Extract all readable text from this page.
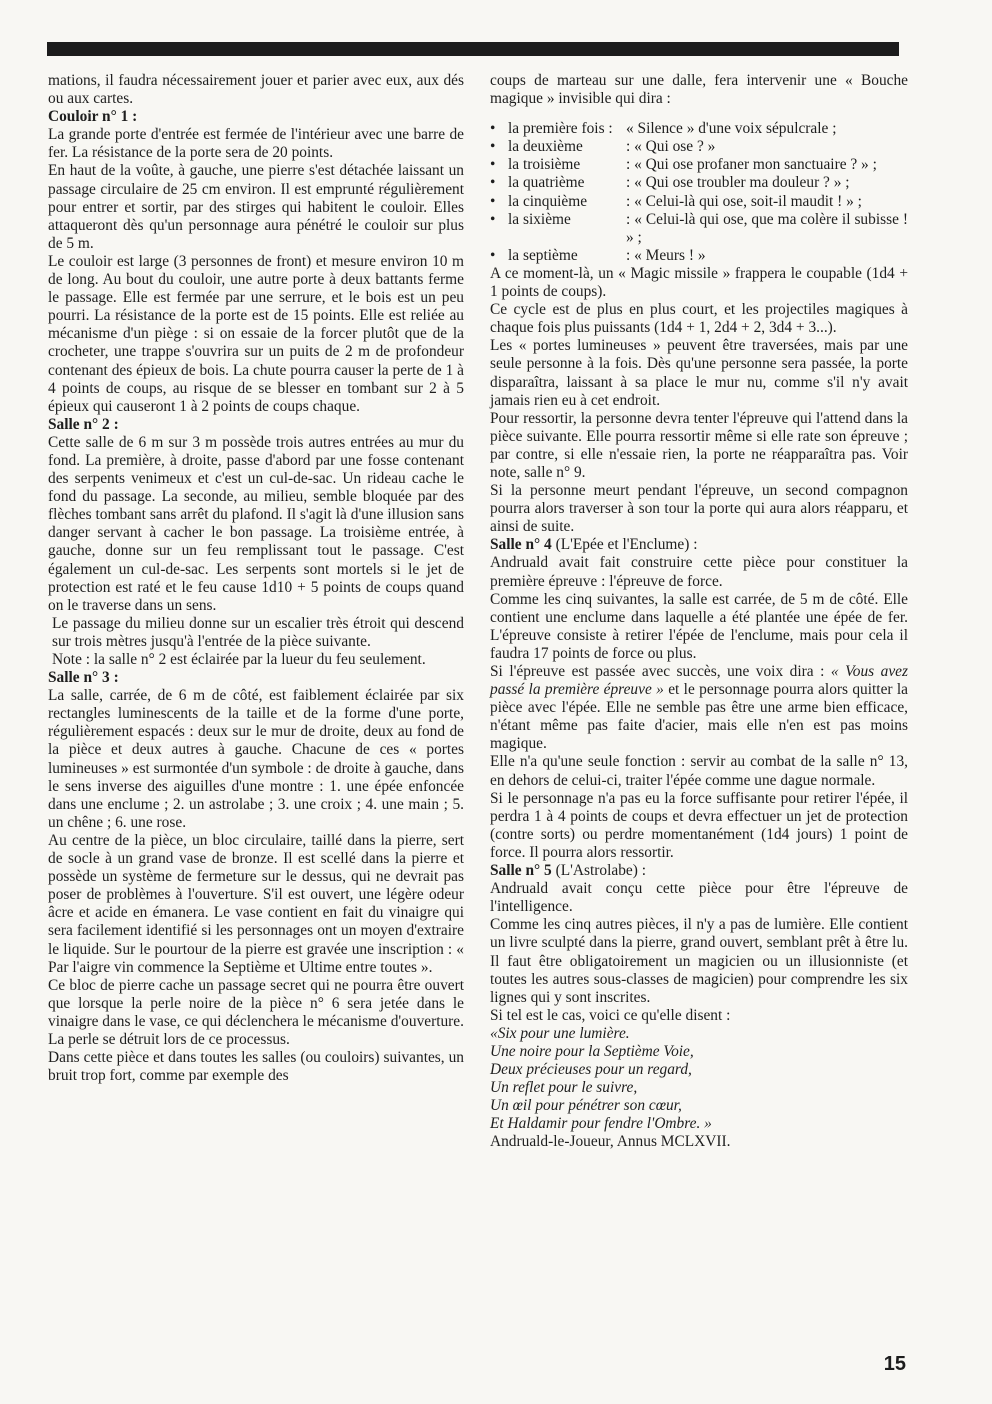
mations, il faudra nécessairement jouer et parier avec eux, aux dés ou aux cartes.

Couloir n° 1 :

La grande porte d'entrée est fermée de l'intérieur avec une barre de fer. La résistance de la porte sera de 20 points.

En haut de la voûte, à gauche, une pierre s'est détachée laissant un passage circulaire de 25 cm environ. Il est emprunté régulièrement pour entrer et sortir, par des stirges qui habitent le couloir. Elles attaqueront dès qu'un personnage aura pénétré le couloir sur plus de 5 m.

Le couloir est large (3 personnes de front) et mesure environ 10 m de long. Au bout du couloir, une autre porte à deux battants ferme le passage. Elle est fermée par une serrure, et le bois est un peu pourri. La résistance de la porte est de 15 points. Elle est reliée au mécanisme d'un piège : si on essaie de la forcer plutôt que de la crocheter, une trappe s'ouvrira sur un puits de 2 m de profondeur contenant des épieux de bois. La chute pourra causer la perte de 1 à 4 points de coups, au risque de se blesser en tombant sur 2 à 5 épieux qui causeront 1 à 2 points de coups chaque.

Salle n° 2 :

Cette salle de 6 m sur 3 m possède trois autres entrées au mur du fond. La première, à droite, passe d'abord par une fosse contenant des serpents venimeux et c'est un cul-de-sac. Un rideau cache le fond du passage. La seconde, au milieu, semble bloquée par des flèches tombant sans arrêt du plafond. Il s'agit là d'une illusion sans danger servant à cacher le bon passage. La troisième entrée, à gauche, donne sur un feu remplissant tout le passage. C'est également un cul-de-sac. Les serpents sont mortels si le jet de protection est raté et le feu cause 1d10 + 5 points de coups quand on le traverse dans un sens.

Le passage du milieu donne sur un escalier très étroit qui descend sur trois mètres jusqu'à l'entrée de la pièce suivante.

Note : la salle n° 2 est éclairée par la lueur du feu seulement.

Salle n° 3 :

La salle, carrée, de 6 m de côté, est faiblement éclairée par six rectangles luminescents de la taille et de la forme d'une porte, régulièrement espacés : deux sur le mur de droite, deux au fond de la pièce et deux autres à gauche. Chacune de ces « portes lumineuses » est surmontée d'un symbole : de droite à gauche, dans le sens inverse des aiguilles d'une montre : 1. une épée enfoncée dans une enclume ; 2. un astrolabe ; 3. une croix ; 4. une main ; 5. un chêne ; 6. une rose.

Au centre de la pièce, un bloc circulaire, taillé dans la pierre, sert de socle à un grand vase de bronze. Il est scellé dans la pierre et possède un système de fermeture sur le dessus, qui ne devrait pas poser de problèmes à l'ouverture. S'il est ouvert, une légère odeur âcre et acide en émanera. Le vase contient en fait du vinaigre qui sera facilement identifié si les personnages ont un moyen d'extraire le liquide. Sur le pourtour de la pierre est gravée une inscription : « Par l'aigre vin commence la Septième et Ultime entre toutes ».

Ce bloc de pierre cache un passage secret qui ne pourra être ouvert que lorsque la perle noire de la pièce n° 6 sera jetée dans le vinaigre dans le vase, ce qui déclenchera le mécanisme d'ouverture. La perle se détruit lors de ce processus.

Dans cette pièce et dans toutes les salles (ou couloirs) suivantes, un bruit trop fort, comme par exemple des

coups de marteau sur une dalle, fera intervenir une « Bouche magique » invisible qui dira :

• la première fois : « Silence » d'une voix sépulcrale ;
• la deuxième	: « Qui ose ? »
• la troisième	: « Qui ose profaner mon sanctuaire ? » ;
• la quatrième	: « Qui ose troubler ma douleur ? » ;
• la cinquième	: « Celui-là qui ose, soit-il maudit ! » ;
• la sixième	: « Celui-là qui ose, que ma colère il subisse ! » ;
• la septième	: « Meurs ! »

A ce moment-là, un « Magic missile » frappera le coupable (1d4 + 1 points de coups).

Ce cycle est de plus en plus court, et les projectiles magiques à chaque fois plus puissants (1d4 + 1, 2d4 + 2, 3d4 + 3...).

Les « portes lumineuses » peuvent être traversées, mais par une seule personne à la fois. Dès qu'une personne sera passée, la porte disparaîtra, laissant à sa place le mur nu, comme s'il n'y avait jamais rien eu à cet endroit.

Pour ressortir, la personne devra tenter l'épreuve qui l'attend dans la pièce suivante. Elle pourra ressortir même si elle rate son épreuve ; par contre, si elle n'essaie rien, la porte ne réapparaîtra pas. Voir note, salle n° 9.

Si la personne meurt pendant l'épreuve, un second compagnon pourra alors traverser à son tour la porte qui aura alors réapparu, et ainsi de suite.

Salle n° 4 (L'Epée et l'Enclume) :

Andruald avait fait construire cette pièce pour constituer la première épreuve : l'épreuve de force.

Comme les cinq suivantes, la salle est carrée, de 5 m de côté. Elle contient une enclume dans laquelle a été plantée une épée de fer. L'épreuve consiste à retirer l'épée de l'enclume, mais pour cela il faudra 17 points de force ou plus.

Si l'épreuve est passée avec succès, une voix dira : « Vous avez passé la première épreuve » et le personnage pourra alors quitter la pièce avec l'épée. Elle ne semble pas être une arme bien efficace, n'étant même pas faite d'acier, mais elle n'en est pas moins magique.

Elle n'a qu'une seule fonction : servir au combat de la salle n° 13, en dehors de celui-ci, traiter l'épée comme une dague normale.

Si le personnage n'a pas eu la force suffisante pour retirer l'épée, il perdra 1 à 4 points de coups et devra effectuer un jet de protection (contre sorts) ou perdre momentanément (1d4 jours) 1 point de force. Il pourra alors ressortir.

Salle n° 5 (L'Astrolabe) :

Andruald avait conçu cette pièce pour être l'épreuve de l'intelligence.

Comme les cinq autres pièces, il n'y a pas de lumière. Elle contient un livre sculpté dans la pierre, grand ouvert, semblant prêt à être lu. Il faut être obligatoirement un magicien ou un illusionniste (et toutes les autres sous-classes de magicien) pour comprendre les six lignes qui y sont inscrites.

Si tel est le cas, voici ce qu'elle disent :

«Six pour une lumière.

Une noire pour la Septième Voie,

Deux précieuses pour un regard,

Un reflet pour le suivre,

Un œil pour pénétrer son cœur,

Et Haldamir pour fendre l'Ombre. »

Andruald-le-Joueur, Annus MCLXVII.

15
